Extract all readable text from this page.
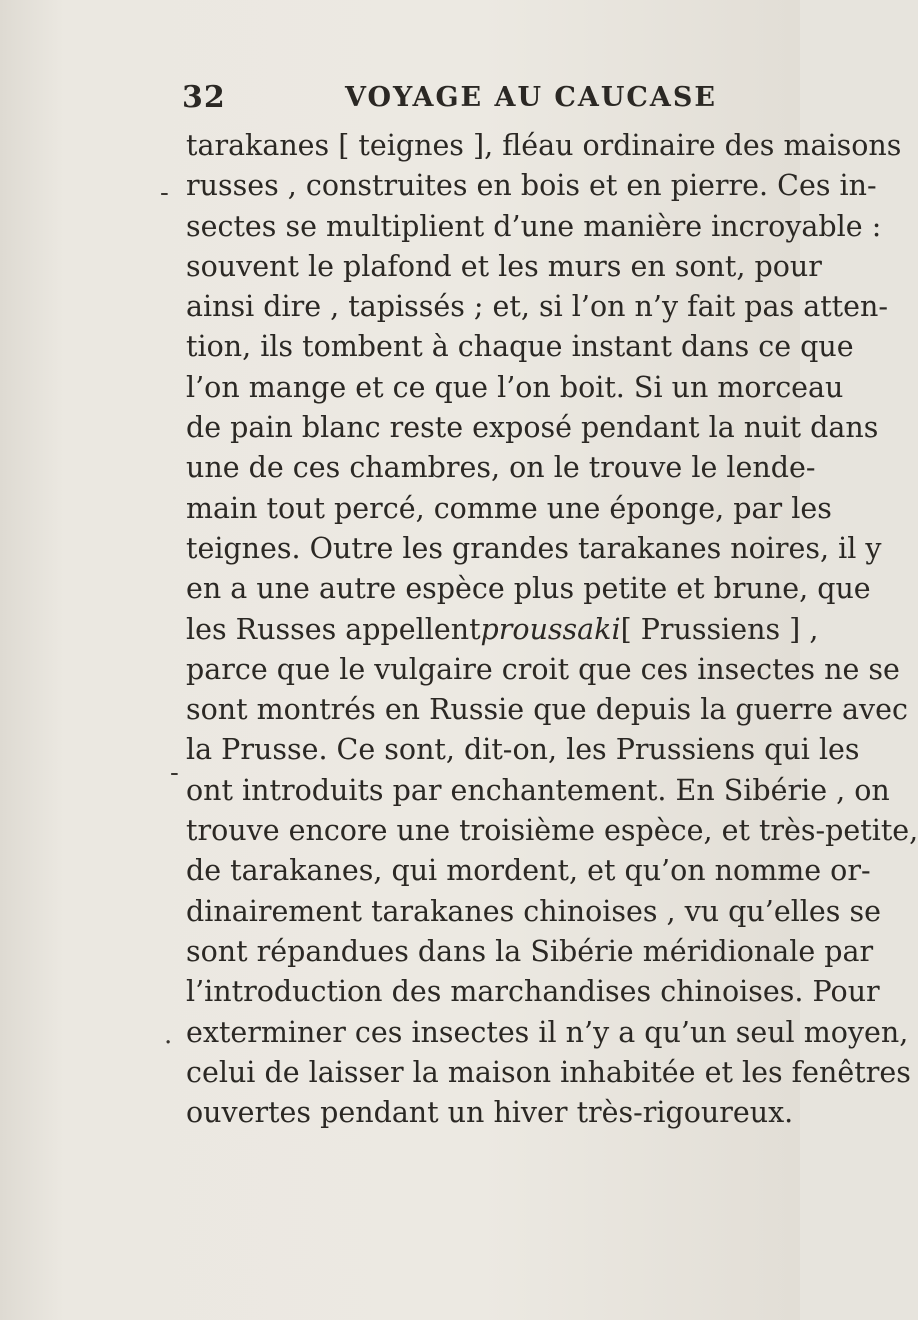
32	VOYAGE AU CAUCASE
-
-
.
tarakanes [ teignes ], fléau ordinaire des maisons
russes , construites en bois et en pierre. Ces in-
sectes se multiplient d’une manière incroyable :
souvent le plafond et les murs en sont, pour
ainsi dire , tapissés ; et, si l’on n’y fait pas atten-
tion, ils tombent à chaque instant dans ce que
l’on mange et ce que l’on boit. Si un morceau
de pain blanc reste exposé pendant la nuit dans
une de ces chambres, on le trouve le lende-
main tout percé, comme une éponge, par les
teignes. Outre les grandes tarakanes noires, il y
en a une autre espèce plus petite et brune, que
les Russes appellent proussaki [ Prussiens ] ,
parce que le vulgaire croit que ces insectes ne se
sont montrés en Russie que depuis la guerre avec
la Prusse. Ce sont, dit-on, les Prussiens qui les
ont introduits par enchantement. En Sibérie , on
trouve encore une troisième espèce, et très-petite,
de tarakanes, qui mordent, et qu’on nomme or-
dinairement tarakanes chinoises , vu qu’elles se
sont répandues dans la Sibérie méridionale par
l’introduction des marchandises chinoises. Pour
exterminer ces insectes il n’y a qu’un seul moyen,
celui de laisser la maison inhabitée et les fenêtres
ouvertes pendant un hiver très-rigoureux.
